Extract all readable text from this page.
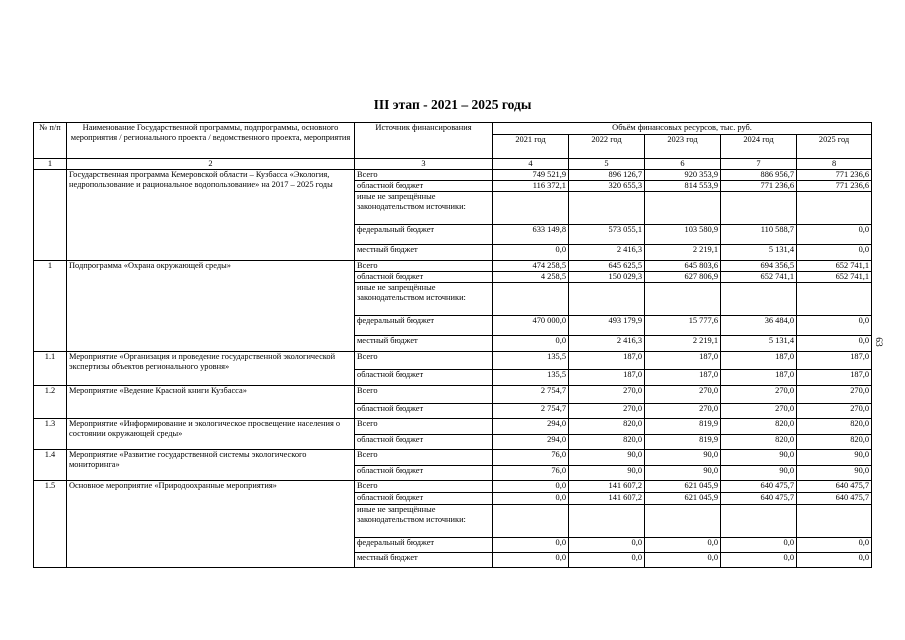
III этап - 2021 – 2025 годы
63
№ п/п	Наименование Государственной программы, подпрограммы, основного мероприятия / регионального проекта / ведомственного проекта, мероприятия	Источник финансирования	Объём финансовых ресурсов, тыс. руб.				
			2021 год	2022 год	2023 год	2024 год	2025 год
1	2	3	4	5	6	7	8
	Государственная программа Кемеровской области – Кузбасса «Экология, недропользование и рациональное водопользование» на 2017 – 2025 годы	Всего	749 521,9	896 126,7	920 353,9	886 956,7	771 236,6
		областной бюджет	116 372,1	320 655,3	814 553,9	771 236,6	771 236,6
		иные не запрещённые законодательством источники:					
		федеральный бюджет	633 149,8	573 055,1	103 580,9	110 588,7	0,0
		местный бюджет	0,0	2 416,3	2 219,1	5 131,4	0,0
1	Подпрограмма «Охрана окружающей среды»	Всего	474 258,5	645 625,5	645 803,6	694 356,5	652 741,1
		областной бюджет	4 258,5	150 029,3	627 806,9	652 741,1	652 741,1
		иные не запрещённые законодательством источники:					
		федеральный бюджет	470 000,0	493 179,9	15 777,6	36 484,0	0,0
		местный бюджет	0,0	2 416,3	2 219,1	5 131,4	0,0
1.1	Мероприятие «Организация и проведение государственной экологической экспертизы объектов регионального уровня»	Всего	135,5	187,0	187,0	187,0	187,0
		областной бюджет	135,5	187,0	187,0	187,0	187,0
1.2	Мероприятие «Ведение Красной книги Кузбасса»	Всего	2 754,7	270,0	270,0	270,0	270,0
		областной бюджет	2 754,7	270,0	270,0	270,0	270,0
1.3	Мероприятие «Информирование и экологическое просвещение населения о состоянии окружающей среды»	Всего	294,0	820,0	819,9	820,0	820,0
		областной бюджет	294,0	820,0	819,9	820,0	820,0
1.4	Мероприятие «Развитие государственной системы экологического мониторинга»	Всего	76,0	90,0	90,0	90,0	90,0
		областной бюджет	76,0	90,0	90,0	90,0	90,0
1.5	Основное мероприятие «Природоохранные мероприятия»	Всего	0,0	141 607,2	621 045,9	640 475,7	640 475,7
		областной бюджет	0,0	141 607,2	621 045,9	640 475,7	640 475,7
		иные не запрещённые законодательством источники:					
		федеральный бюджет	0,0	0,0	0,0	0,0	0,0
		местный бюджет	0,0	0,0	0,0	0,0	0,0
